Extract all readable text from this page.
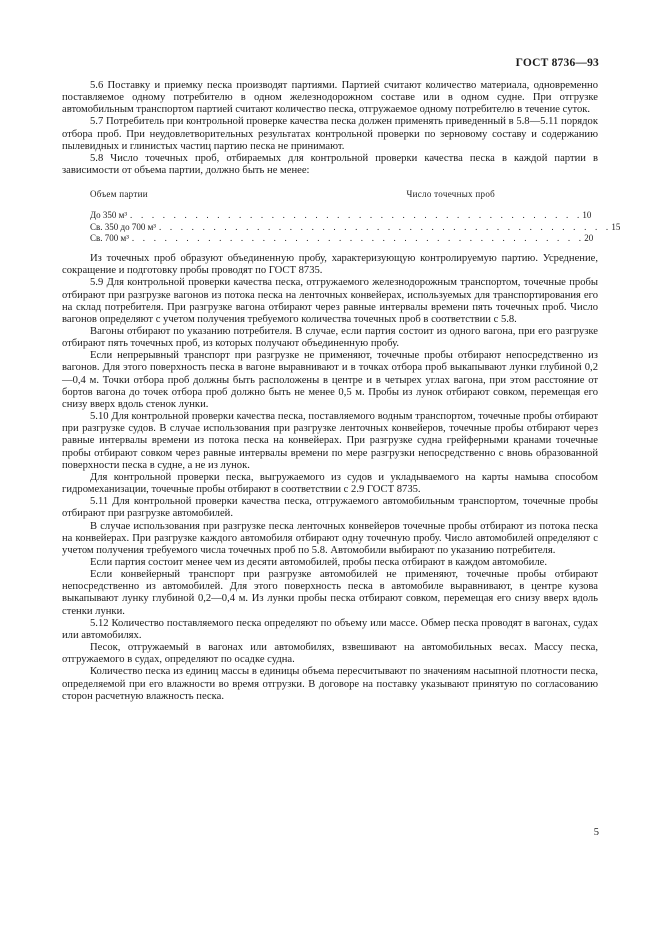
ГОСТ 8736—93

5.6 Поставку и приемку песка производят партиями. Партией считают количество материала, одновременно поставляемое одному потребителю в одном железнодорожном составе или в одном судне. При отгрузке автомобильным транспортом партией считают количество песка, отгружаемое одному потребителю в течение суток.

5.7 Потребитель при контрольной проверке качества песка должен применять приведенный в 5.8—5.11 порядок отбора проб. При неудовлетворительных результатах контрольной проверки по зерновому составу и содержанию пылевидных и глинистых частиц партию песка не принимают.

5.8 Число точечных проб, отбираемых для контрольной проверки качества песка в каждой партии в зависимости от объема партии, должно быть не менее:

Объем партии	Число точечных проб
До 350 м³ . . . . . . . . . . . . . . . . . . . . . . . . . . . . . . . . . . . . . . . . . . 10
Св. 350 до 700 м³ . . . . . . . . . . . . . . . . . . . . . . . . . . . . . . . . . . . . . . . . . . 15
Св. 700 м³ . . . . . . . . . . . . . . . . . . . . . . . . . . . . . . . . . . . . . . . . . . 20

Из точечных проб образуют объединенную пробу, характеризующую контролируемую партию. Усреднение, сокращение и подготовку пробы проводят по ГОСТ 8735.

5.9 Для контрольной проверки качества песка, отгружаемого железнодорожным транспортом, точечные пробы отбирают при разгрузке вагонов из потока песка на ленточных конвейерах, используемых для транспортирования его на склад потребителя. При разгрузке вагона отбирают через равные интервалы времени пять точечных проб. Число вагонов определяют с учетом получения требуемого количества точечных проб в соответствии с 5.8.

Вагоны отбирают по указанию потребителя. В случае, если партия состоит из одного вагона, при его разгрузке отбирают пять точечных проб, из которых получают объединенную пробу.

Если непрерывный транспорт при разгрузке не применяют, точечные пробы отбирают непосредственно из вагонов. Для этого поверхность песка в вагоне выравнивают и в точках отбора проб выкапывают лунки глубиной 0,2—0,4 м. Точки отбора проб должны быть расположены в центре и в четырех углах вагона, при этом расстояние от бортов вагона до точек отбора проб должно быть не менее 0,5 м. Пробы из лунок отбирают совком, перемещая его снизу вверх вдоль стенок лунки.

5.10 Для контрольной проверки качества песка, поставляемого водным транспортом, точечные пробы отбирают при разгрузке судов. В случае использования при разгрузке ленточных конвейеров, точечные пробы отбирают через равные интервалы времени из потока песка на конвейерах. При разгрузке судна грейферными кранами точечные пробы отбирают совком через равные интервалы времени по мере разгрузки непосредственно с вновь образованной поверхности песка в судне, а не из лунок.

Для контрольной проверки песка, выгружаемого из судов и укладываемого на карты намыва способом гидромеханизации, точечные пробы отбирают в соответствии с 2.9 ГОСТ 8735.

5.11 Для контрольной проверки качества песка, отгружаемого автомобильным транспортом, точечные пробы отбирают при разгрузке автомобилей.

В случае использования при разгрузке песка ленточных конвейеров точечные пробы отбирают из потока песка на конвейерах. При разгрузке каждого автомобиля отбирают одну точечную пробу. Число автомобилей определяют с учетом получения требуемого числа точечных проб по 5.8. Автомобили выбирают по указанию потребителя.

Если партия состоит менее чем из десяти автомобилей, пробы песка отбирают в каждом автомобиле.

Если конвейерный транспорт при разгрузке автомобилей не применяют, точечные пробы отбирают непосредственно из автомобилей. Для этого поверхность песка в автомобиле выравнивают, в центре кузова выкапывают лунку глубиной 0,2—0,4 м. Из лунки пробы песка отбирают совком, перемещая его снизу вверх вдоль стенки лунки.

5.12 Количество поставляемого песка определяют по объему или массе. Обмер песка проводят в вагонах, судах или автомобилях.

Песок, отгружаемый в вагонах или автомобилях, взвешивают на автомобильных весах. Массу песка, отгружаемого в судах, определяют по осадке судна.

Количество песка из единиц массы в единицы объема пересчитывают по значениям насыпной плотности песка, определяемой при его влажности во время отгрузки. В договоре на поставку указывают принятую по согласованию сторон расчетную влажность песка.

5
